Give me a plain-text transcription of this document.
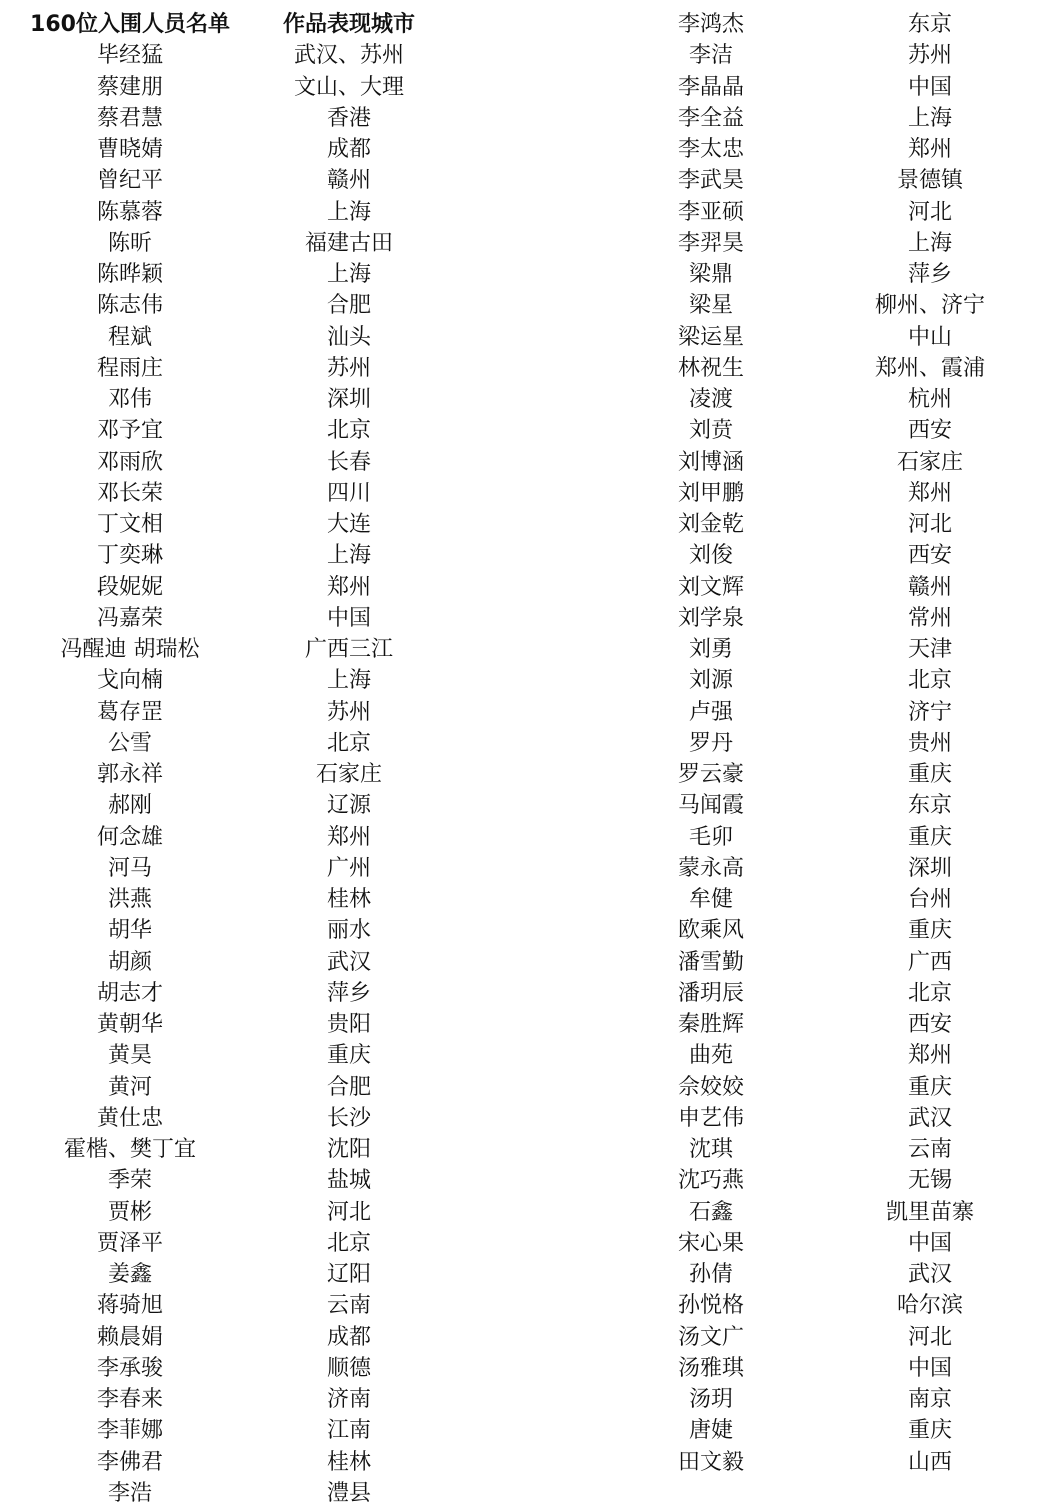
160位入围人员名单	作品表现城市
毕经猛	武汉、苏州
蔡建朋	文山、大理
蔡君慧	香港
曹晓婧	成都
曾纪平	赣州
陈慕蓉	上海
陈昕	福建古田
陈晔颖	上海
陈志伟	合肥
程斌	汕头
程雨庄	苏州
邓伟	深圳
邓予宜	北京
邓雨欣	长春
邓长荣	四川
丁文相	大连
丁奕琳	上海
段妮妮	郑州
冯嘉荣	中国
冯醒迪 胡瑞松	广西三江
戈向楠	上海
葛存罡	苏州
公雪	北京
郭永祥	石家庄
郝刚	辽源
何念雄	郑州
河马	广州
洪燕	桂林
胡华	丽水
胡颜	武汉
胡志才	萍乡
黄朝华	贵阳
黄昊	重庆
黄河	合肥
黄仕忠	长沙
霍楷、樊丁宜	沈阳
季荣	盐城
贾彬	河北
贾泽平	北京
姜鑫	辽阳
蒋骑旭	云南
赖晨娟	成都
李承骏	顺德
李春来	济南
李菲娜	江南
李佛君	桂林
李浩	澧县
李鸿杰	东京
李洁	苏州
李晶晶	中国
李全益	上海
李太忠	郑州
李武昊	景德镇
李亚硕	河北
李羿昊	上海
梁鼎	萍乡
梁星	柳州、济宁
梁运星	中山
林祝生	郑州、霞浦
凌渡	杭州
刘贲	西安
刘博涵	石家庄
刘甲鹏	郑州
刘金乾	河北
刘俊	西安
刘文辉	赣州
刘学泉	常州
刘勇	天津
刘源	北京
卢强	济宁
罗丹	贵州
罗云豪	重庆
马闻霞	东京
毛卯	重庆
蒙永高	深圳
牟健	台州
欧乘风	重庆
潘雪勤	广西
潘玥辰	北京
秦胜辉	西安
曲苑	郑州
佘姣姣	重庆
申艺伟	武汉
沈琪	云南
沈巧燕	无锡
石鑫	凯里苗寨
宋心果	中国
孙倩	武汉
孙悦格	哈尔滨
汤文广	河北
汤雅琪	中国
汤玥	南京
唐婕	重庆
田文毅	山西
